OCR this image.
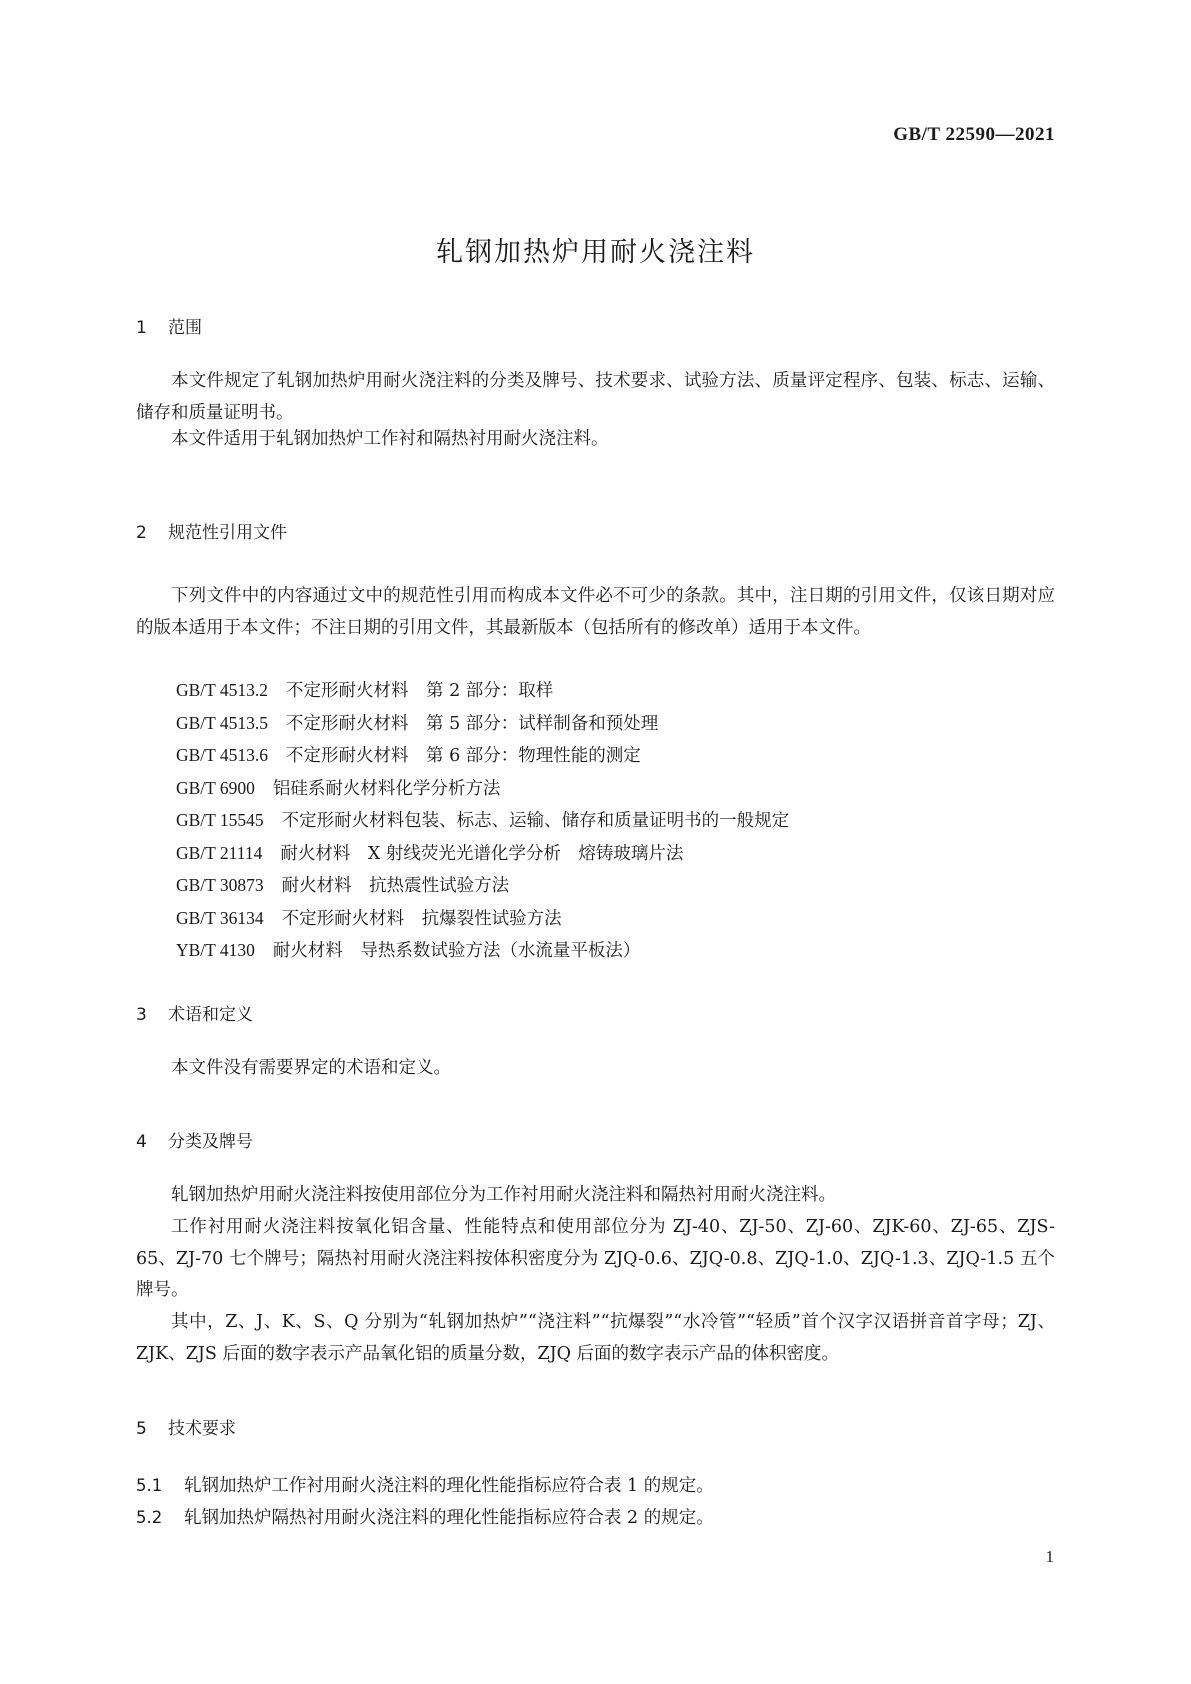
GB/T 22590—2021
轧钢加热炉用耐火浇注料
1 范围

本文件规定了轧钢加热炉用耐火浇注料的分类及牌号、技术要求、试验方法、质量评定程序、包装、标志、运输、储存和质量证明书。

本文件适用于轧钢加热炉工作衬和隔热衬用耐火浇注料。

2 规范性引用文件

下列文件中的内容通过文中的规范性引用而构成本文件必不可少的条款。其中，注日期的引用文件，仅该日期对应的版本适用于本文件；不注日期的引用文件，其最新版本（包括所有的修改单）适用于本文件。

GB/T 4513.2 不定形耐火材料　第 2 部分：取样
GB/T 4513.5 不定形耐火材料　第 5 部分：试样制备和预处理
GB/T 4513.6 不定形耐火材料　第 6 部分：物理性能的测定
GB/T 6900 铝硅系耐火材料化学分析方法
GB/T 15545 不定形耐火材料包装、标志、运输、储存和质量证明书的一般规定
GB/T 21114 耐火材料　X 射线荧光光谱化学分析　熔铸玻璃片法
GB/T 30873 耐火材料　抗热震性试验方法
GB/T 36134 不定形耐火材料　抗爆裂性试验方法
YB/T 4130 耐火材料　导热系数试验方法（水流量平板法）
3 术语和定义

本文件没有需要界定的术语和定义。

4 分类及牌号

轧钢加热炉用耐火浇注料按使用部位分为工作衬用耐火浇注料和隔热衬用耐火浇注料。

工作衬用耐火浇注料按氧化铝含量、性能特点和使用部位分为 ZJ-40、ZJ-50、ZJ-60、ZJK-60、ZJ-65、ZJS-65、ZJ-70 七个牌号；隔热衬用耐火浇注料按体积密度分为 ZJQ-0.6、ZJQ-0.8、ZJQ-1.0、ZJQ-1.3、ZJQ-1.5 五个牌号。

其中，Z、J、K、S、Q 分别为“轧钢加热炉”“浇注料”“抗爆裂”“水冷管”“轻质”首个汉字汉语拼音首字母；ZJ、ZJK、ZJS 后面的数字表示产品氧化铝的质量分数，ZJQ 后面的数字表示产品的体积密度。

5 技术要求

5.1 轧钢加热炉工作衬用耐火浇注料的理化性能指标应符合表 1 的规定。

5.2 轧钢加热炉隔热衬用耐火浇注料的理化性能指标应符合表 2 的规定。

1
